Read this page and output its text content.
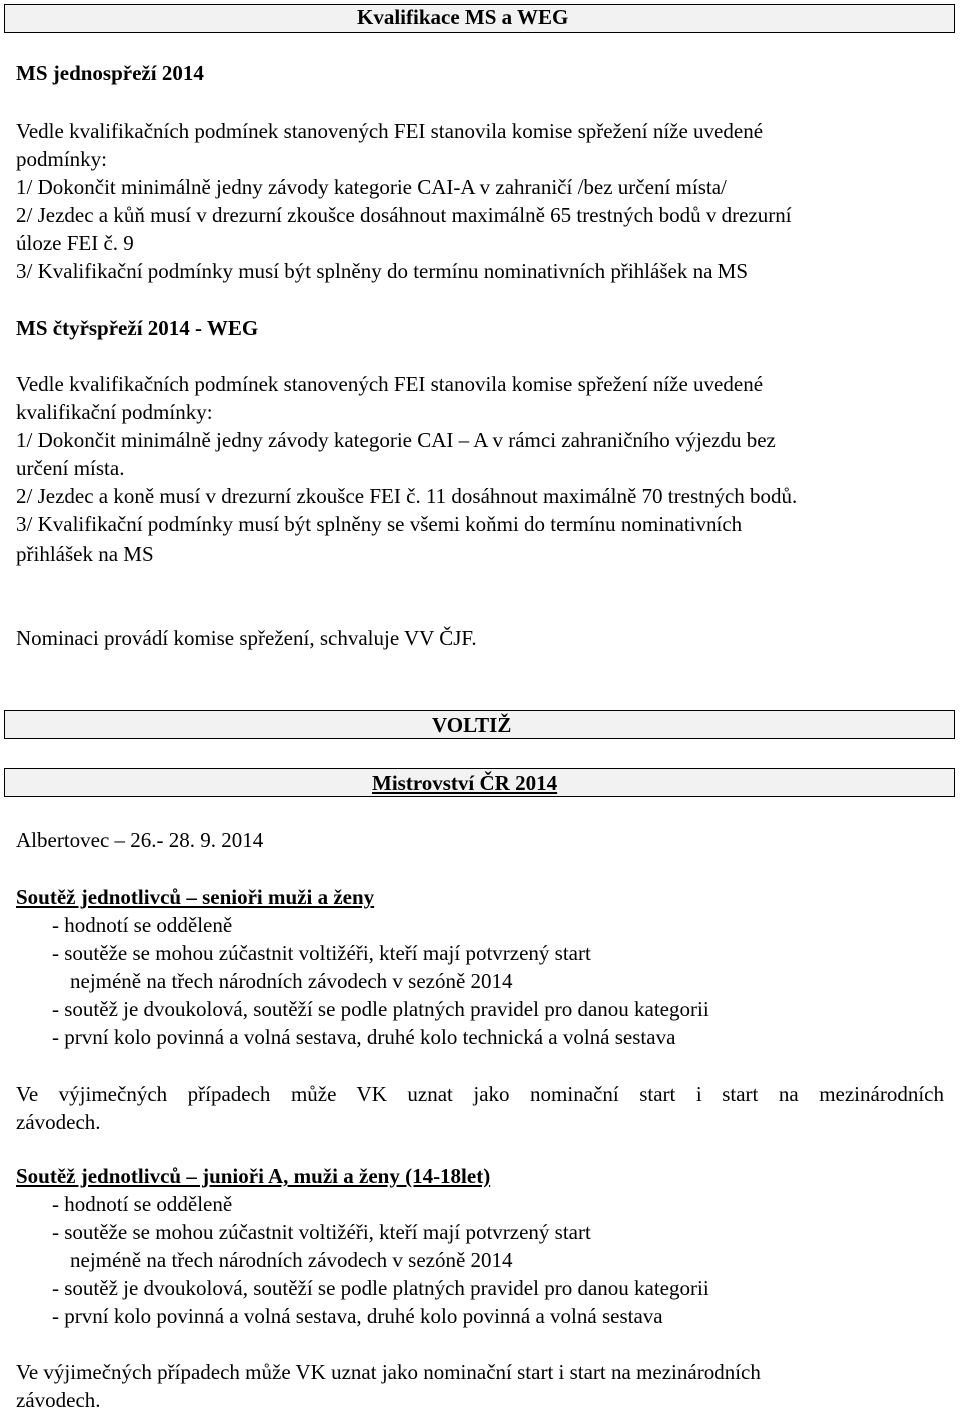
Kvalifikace MS a WEG
MS jednospřeží 2014
Vedle kvalifikačních podmínek stanovených FEI stanovila komise spřežení níže uvedené
podmínky:
1/ Dokončit minimálně jedny závody kategorie CAI-A v zahraničí /bez určení místa/
2/ Jezdec a kůň musí v drezurní zkoušce dosáhnout maximálně 65 trestných bodů v drezurní
úloze FEI č. 9
3/ Kvalifikační podmínky musí být splněny do termínu nominativních přihlášek na MS
MS čtyřspřeží 2014 - WEG
Vedle kvalifikačních podmínek stanovených FEI stanovila komise spřežení níže uvedené
kvalifikační podmínky:
1/ Dokončit minimálně jedny závody kategorie CAI – A v rámci zahraničního výjezdu bez
určení místa.
2/ Jezdec a koně musí v drezurní zkoušce FEI č. 11 dosáhnout maximálně 70 trestných bodů.
3/ Kvalifikační podmínky musí být splněny se všemi koňmi do termínu nominativních
přihlášek na MS
Nominaci provádí komise spřežení, schvaluje VV ČJF.
VOLTIŽ
Mistrovství ČR 2014
Albertovec – 26.- 28. 9. 2014
Soutěž jednotlivců – senioři muži a ženy
- hodnotí se odděleně
- soutěže se mohou zúčastnit voltižéři, kteří mají potvrzený start
nejméně na třech národních závodech v sezóně 2014
- soutěž je dvoukolová, soutěží se podle platných pravidel pro danou kategorii
- první kolo povinná a volná sestava, druhé kolo technická a volná sestava
Ve výjimečných případech může VK uznat jako nominační start i start na mezinárodních
závodech.
Soutěž jednotlivců – junioři A, muži a ženy (14-18let)
- hodnotí se odděleně
- soutěže se mohou zúčastnit voltižéři, kteří mají potvrzený start
nejméně na třech národních závodech v sezóně 2014
- soutěž je dvoukolová, soutěží se podle platných pravidel pro danou kategorii
- první kolo povinná a volná sestava, druhé kolo povinná a volná sestava
Ve výjimečných případech může VK uznat jako nominační start i start na mezinárodních
závodech.
